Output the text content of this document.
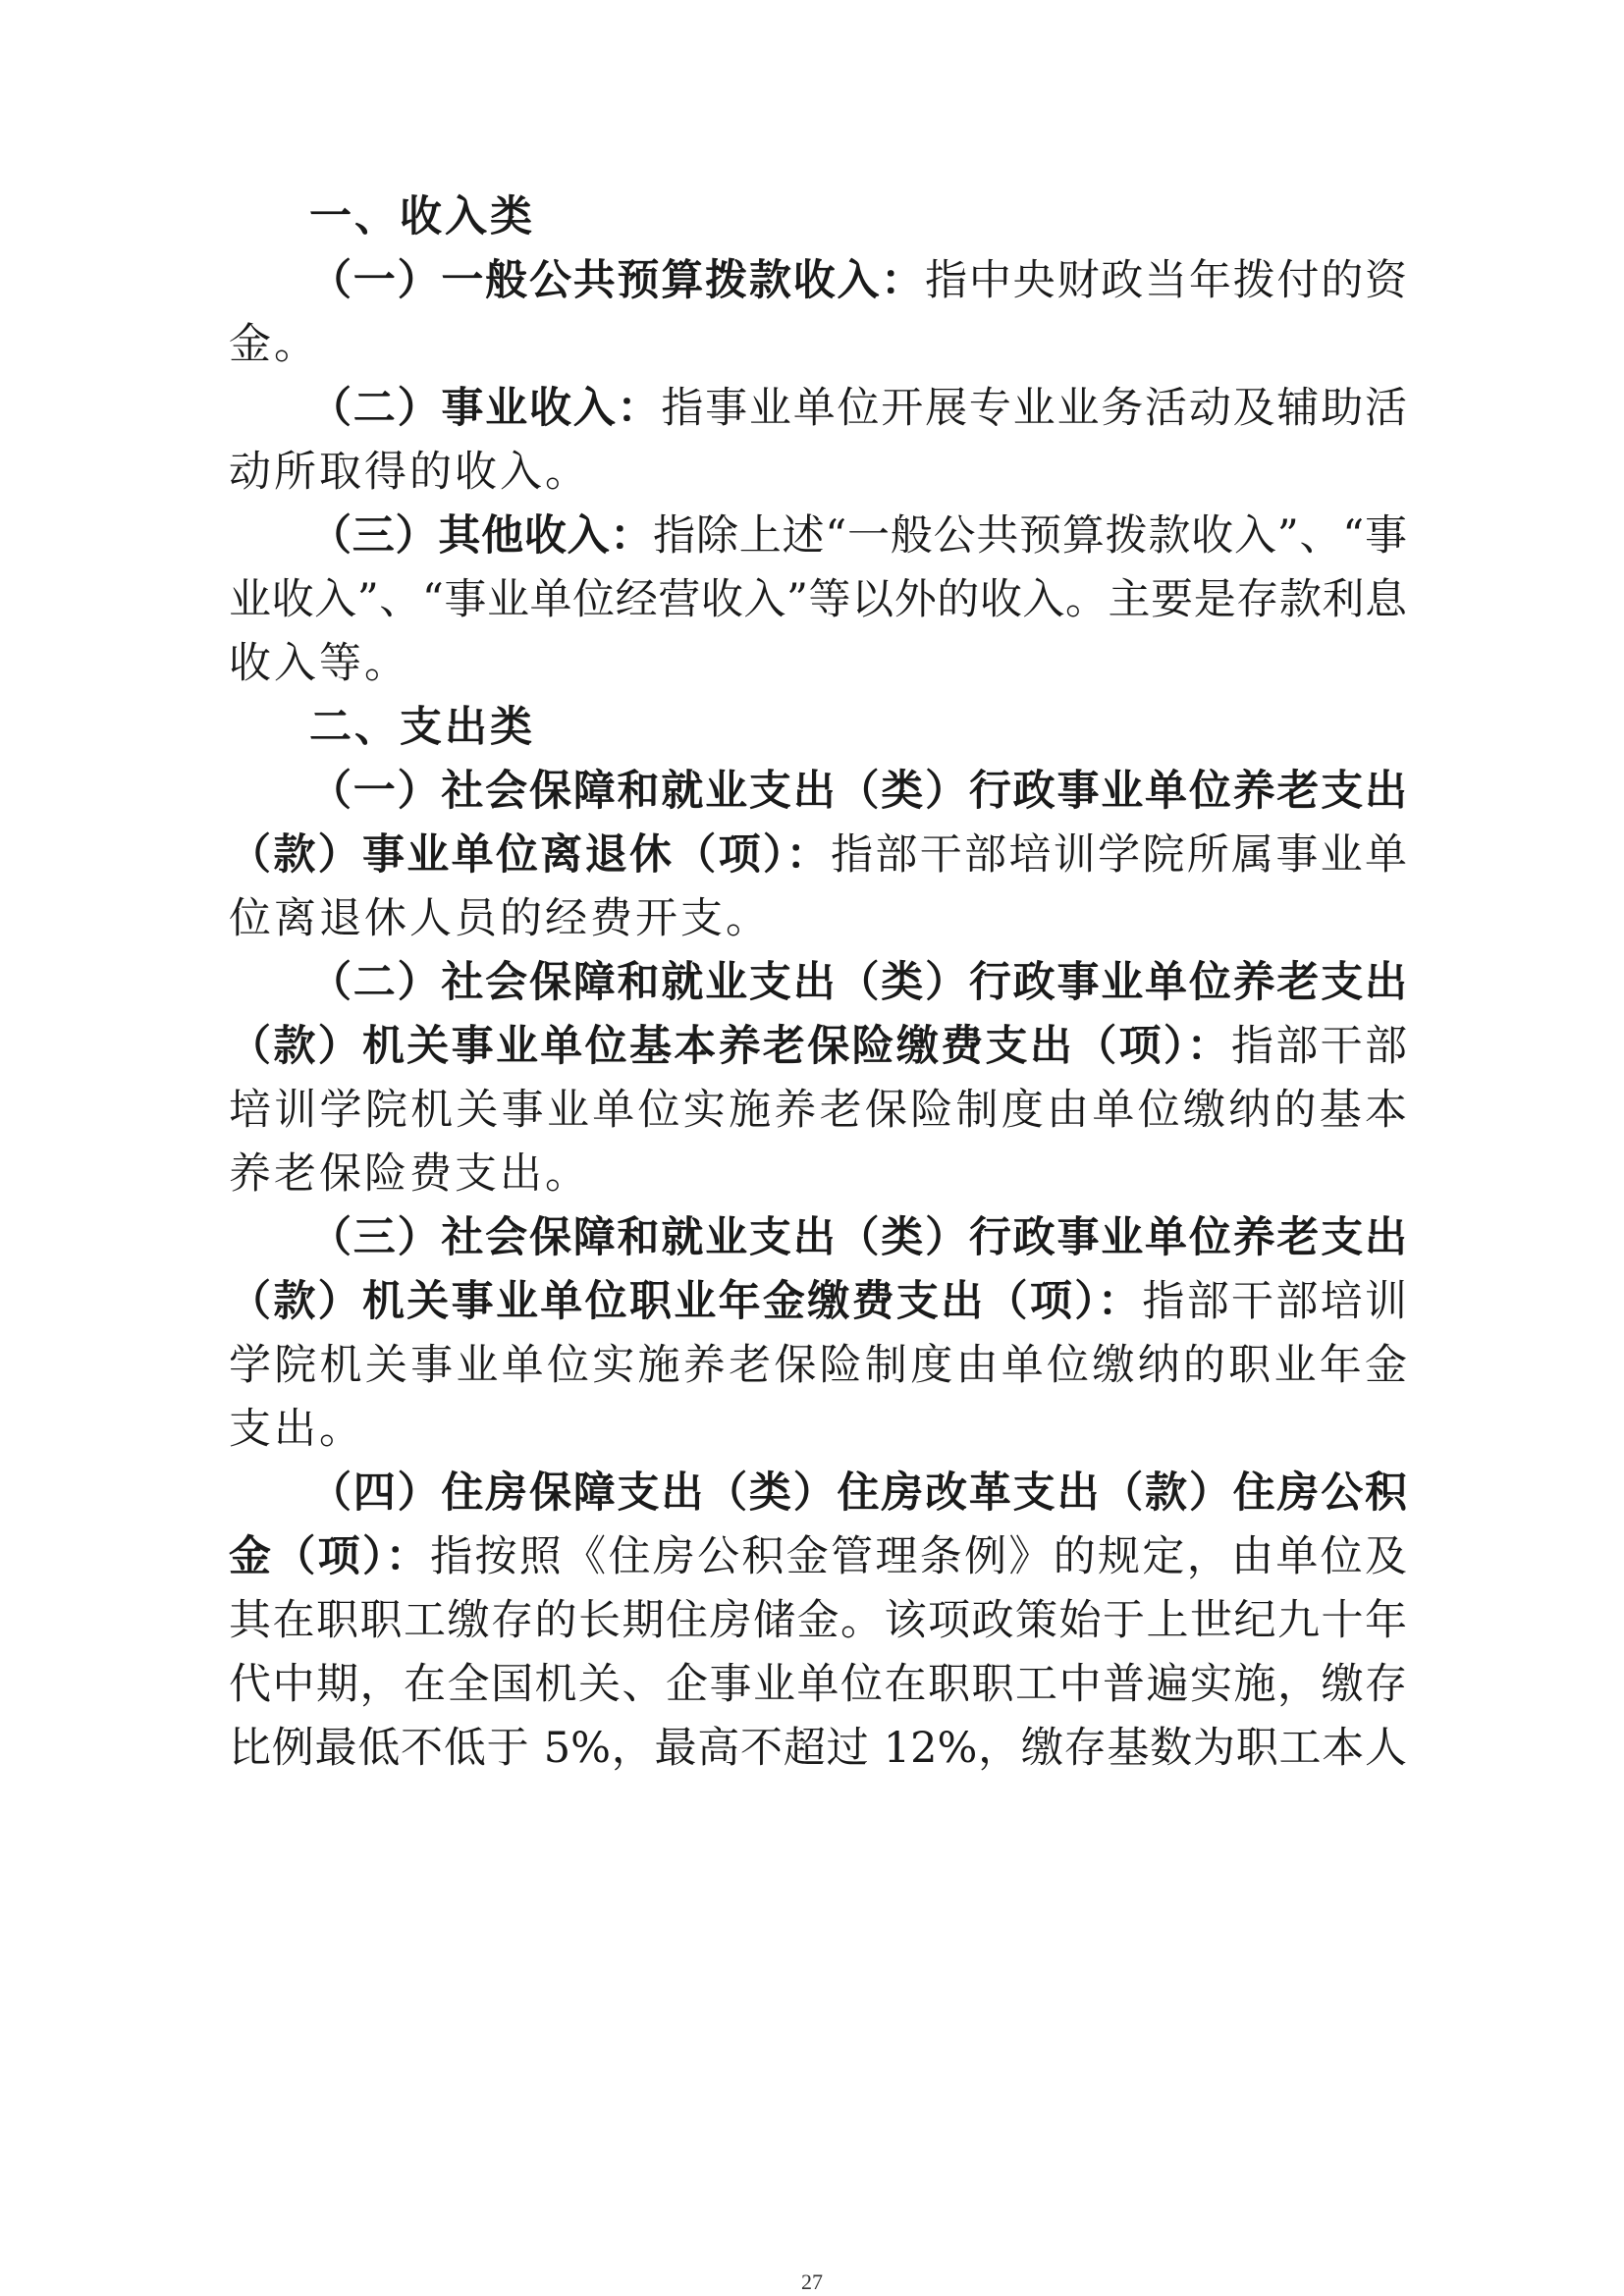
一、收入类
（一）一般公共预算拨款收入：指中央财政当年拨付的资
金。
（二）事业收入：指事业单位开展专业业务活动及辅助活
动所取得的收入。
（三）其他收入：指除上述“一般公共预算拨款收入”、“事
业收入”、“事业单位经营收入”等以外的收入。主要是存款利息
收入等。
二、支出类
（一）社会保障和就业支出（类）行政事业单位养老支出
（款）事业单位离退休（项）：指部干部培训学院所属事业单
位离退休人员的经费开支。
（二）社会保障和就业支出（类）行政事业单位养老支出
（款）机关事业单位基本养老保险缴费支出（项）：指部干部
培训学院机关事业单位实施养老保险制度由单位缴纳的基本
养老保险费支出。
（三）社会保障和就业支出（类）行政事业单位养老支出
（款）机关事业单位职业年金缴费支出（项）：指部干部培训
学院机关事业单位实施养老保险制度由单位缴纳的职业年金
支出。
（四）住房保障支出（类）住房改革支出（款）住房公积
金（项）：指按照《住房公积金管理条例》的规定，由单位及
其在职职工缴存的长期住房储金。该项政策始于上世纪九十年
代中期，在全国机关、企事业单位在职职工中普遍实施，缴存
比例最低不低于 5%，最高不超过 12%，缴存基数为职工本人
27
